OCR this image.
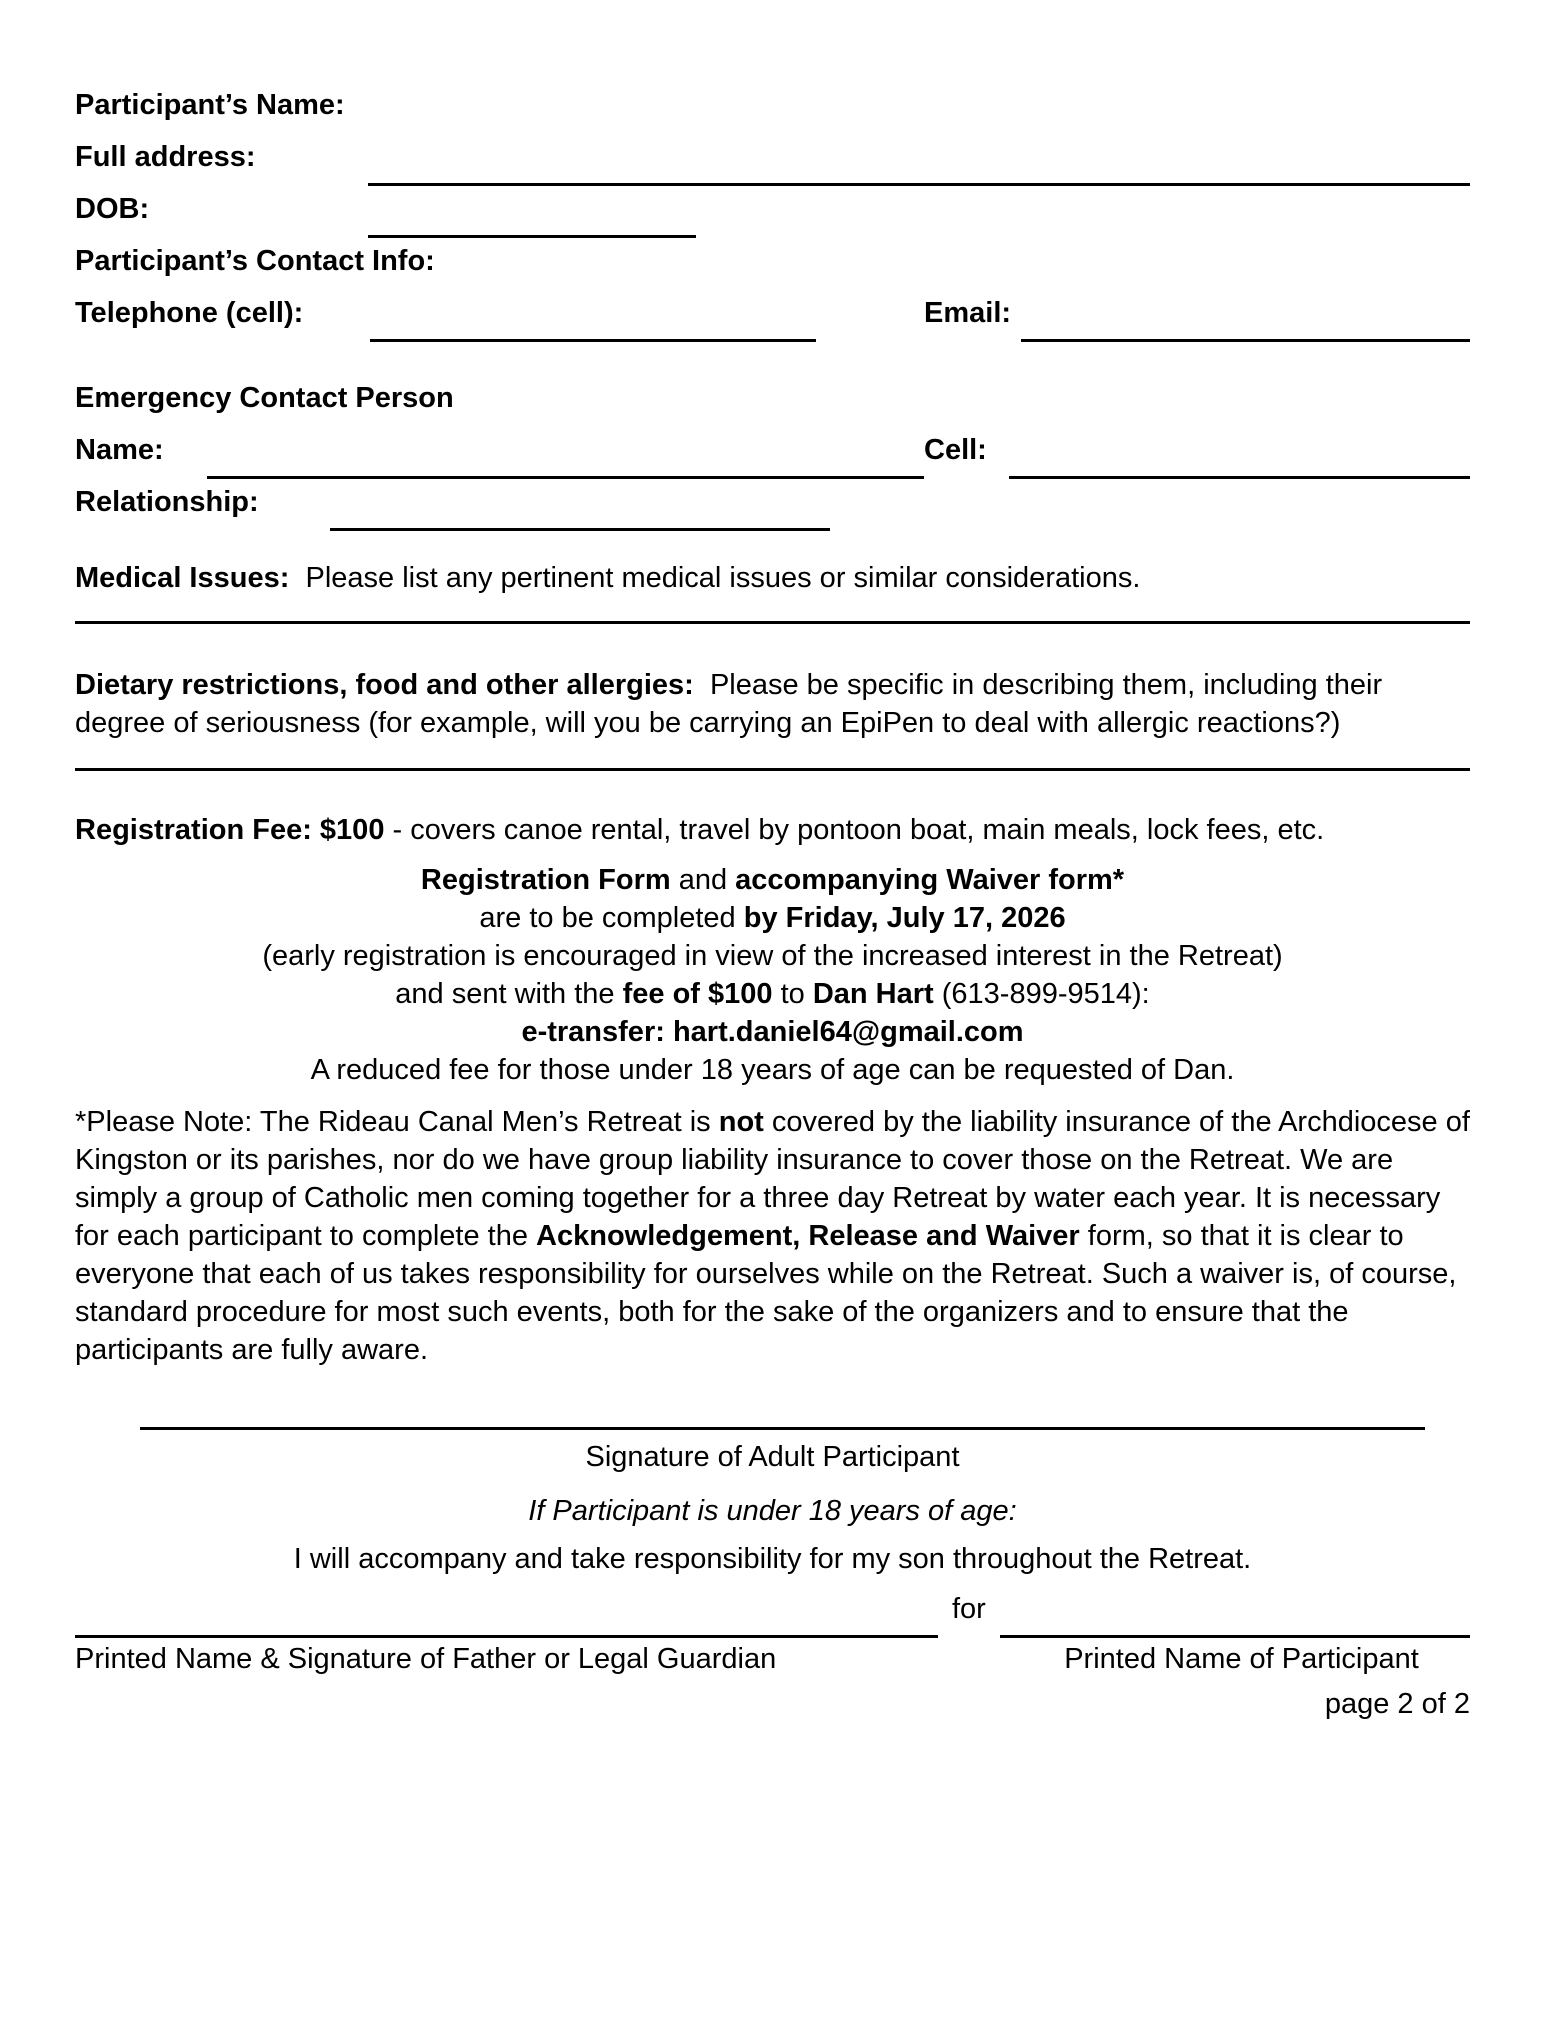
Participant’s Name:
Full address:
DOB:
Participant’s Contact Info:
Telephone (cell):	Email:
Emergency Contact Person
Name:	Cell:
Relationship:

Medical Issues:  Please list any pertinent medical issues or similar considerations.

Dietary restrictions, food and other allergies:  Please be specific in describing them, including their degree of seriousness (for example, will you be carrying an EpiPen to deal with allergic reactions?)

Registration Fee: $100 - covers canoe rental, travel by pontoon boat, main meals, lock fees, etc.

Registration Form and accompanying Waiver form*
are to be completed by Friday, July 17, 2026
(early registration is encouraged in view of the increased interest in the Retreat)
and sent with the fee of $100 to Dan Hart (613-899-9514):
e-transfer: hart.daniel64@gmail.com
A reduced fee for those under 18 years of age can be requested of Dan.

*Please Note: The Rideau Canal Men’s Retreat is not covered by the liability insurance of the Archdiocese of Kingston or its parishes, nor do we have group liability insurance to cover those on the Retreat. We are simply a group of Catholic men coming together for a three day Retreat by water each year. It is necessary for each participant to complete the Acknowledgement, Release and Waiver form, so that it is clear to everyone that each of us takes responsibility for ourselves while on the Retreat. Such a waiver is, of course, standard procedure for most such events, both for the sake of the organizers and to ensure that the participants are fully aware.

Signature of Adult Participant
If Participant is under 18 years of age:
I will accompany and take responsibility for my son throughout the Retreat.
for
Printed Name & Signature of Father or Legal Guardian	Printed Name of Participant
page 2 of 2
